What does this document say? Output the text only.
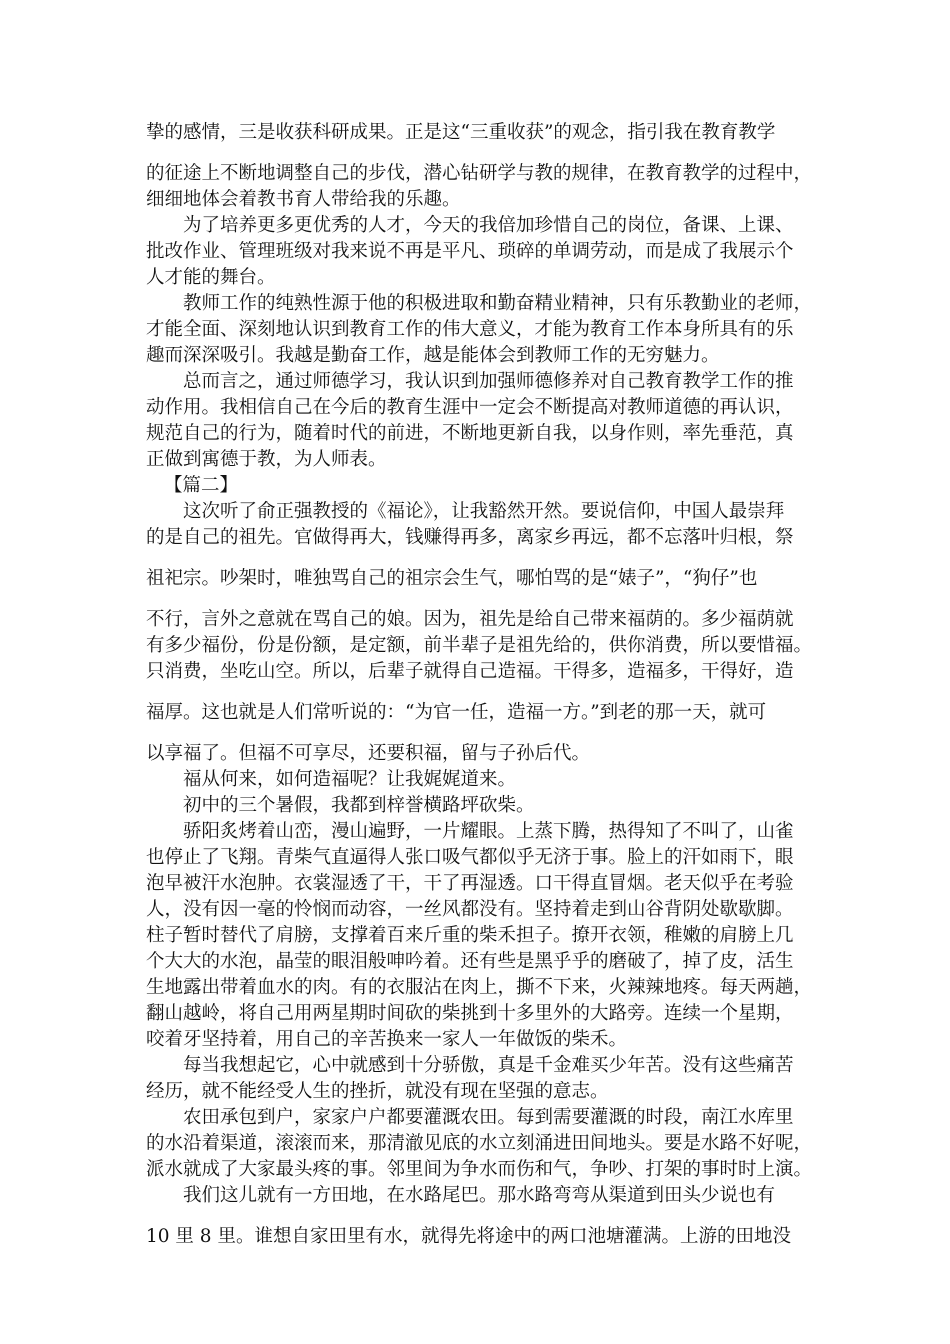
挚的感情，三是收获科研成果。正是这“三重收获”的观念，指引我在教育教学

的征途上不断地调整自己的步伐，潜心钻研学与教的规律，在教育教学的过程中，

细细地体会着教书育人带给我的乐趣。

为了培养更多更优秀的人才，今天的我倍加珍惜自己的岗位，备课、上课、

批改作业、管理班级对我来说不再是平凡、琐碎的单调劳动，而是成了我展示个

人才能的舞台。

教师工作的纯熟性源于他的积极进取和勤奋精业精神，只有乐教勤业的老师，

才能全面、深刻地认识到教育工作的伟大意义，才能为教育工作本身所具有的乐

趣而深深吸引。我越是勤奋工作，越是能体会到教师工作的无穷魅力。

总而言之，通过师德学习，我认识到加强师德修养对自己教育教学工作的推

动作用。我相信自己在今后的教育生涯中一定会不断提高对教师道德的再认识，

规范自己的行为，随着时代的前进，不断地更新自我，以身作则，率先垂范，真

正做到寓德于教，为人师表。

【篇二】

这次听了俞正强教授的《福论》，让我豁然开然。要说信仰，中国人最崇拜

的是自己的祖先。官做得再大，钱赚得再多，离家乡再远，都不忘落叶归根，祭

祖祀宗。吵架时，唯独骂自己的祖宗会生气，哪怕骂的是“婊子”，“狗仔”也

不行，言外之意就在骂自己的娘。因为，祖先是给自己带来福荫的。多少福荫就

有多少福份，份是份额，是定额，前半辈子是祖先给的，供你消费，所以要惜福。

只消费，坐吃山空。所以，后辈子就得自己造福。干得多，造福多，干得好，造

福厚。这也就是人们常听说的：“为官一任，造福一方。”到老的那一天，就可

以享福了。但福不可享尽，还要积福，留与子孙后代。

福从何来，如何造福呢？让我娓娓道来。

初中的三个暑假，我都到梓誉横路坪砍柴。

骄阳炙烤着山峦，漫山遍野，一片耀眼。上蒸下腾，热得知了不叫了，山雀

也停止了飞翔。青柴气直逼得人张口吸气都似乎无济于事。脸上的汗如雨下，眼

泡早被汗水泡肿。衣裳湿透了干，干了再湿透。口干得直冒烟。老天似乎在考验

人，没有因一毫的怜悯而动容，一丝风都没有。坚持着走到山谷背阴处歇歇脚。

柱子暂时替代了肩膀，支撑着百来斤重的柴禾担子。撩开衣领，稚嫩的肩膀上几

个大大的水泡，晶莹的眼泪般呻吟着。还有些是黑乎乎的磨破了，掉了皮，活生

生地露出带着血水的肉。有的衣服沾在肉上，撕不下来，火辣辣地疼。每天两趟，

翻山越岭，将自己用两星期时间砍的柴挑到十多里外的大路旁。连续一个星期，

咬着牙坚持着，用自己的辛苦换来一家人一年做饭的柴禾。

每当我想起它，心中就感到十分骄傲，真是千金难买少年苦。没有这些痛苦

经历，就不能经受人生的挫折，就没有现在坚强的意志。

农田承包到户，家家户户都要灌溉农田。每到需要灌溉的时段，南江水库里

的水沿着渠道，滚滚而来，那清澈见底的水立刻涌进田间地头。要是水路不好呢，

派水就成了大家最头疼的事。邻里间为争水而伤和气，争吵、打架的事时时上演。

我们这儿就有一方田地，在水路尾巴。那水路弯弯从渠道到田头少说也有

10 里 8 里。谁想自家田里有水，就得先将途中的两口池塘灌满。上游的田地没
